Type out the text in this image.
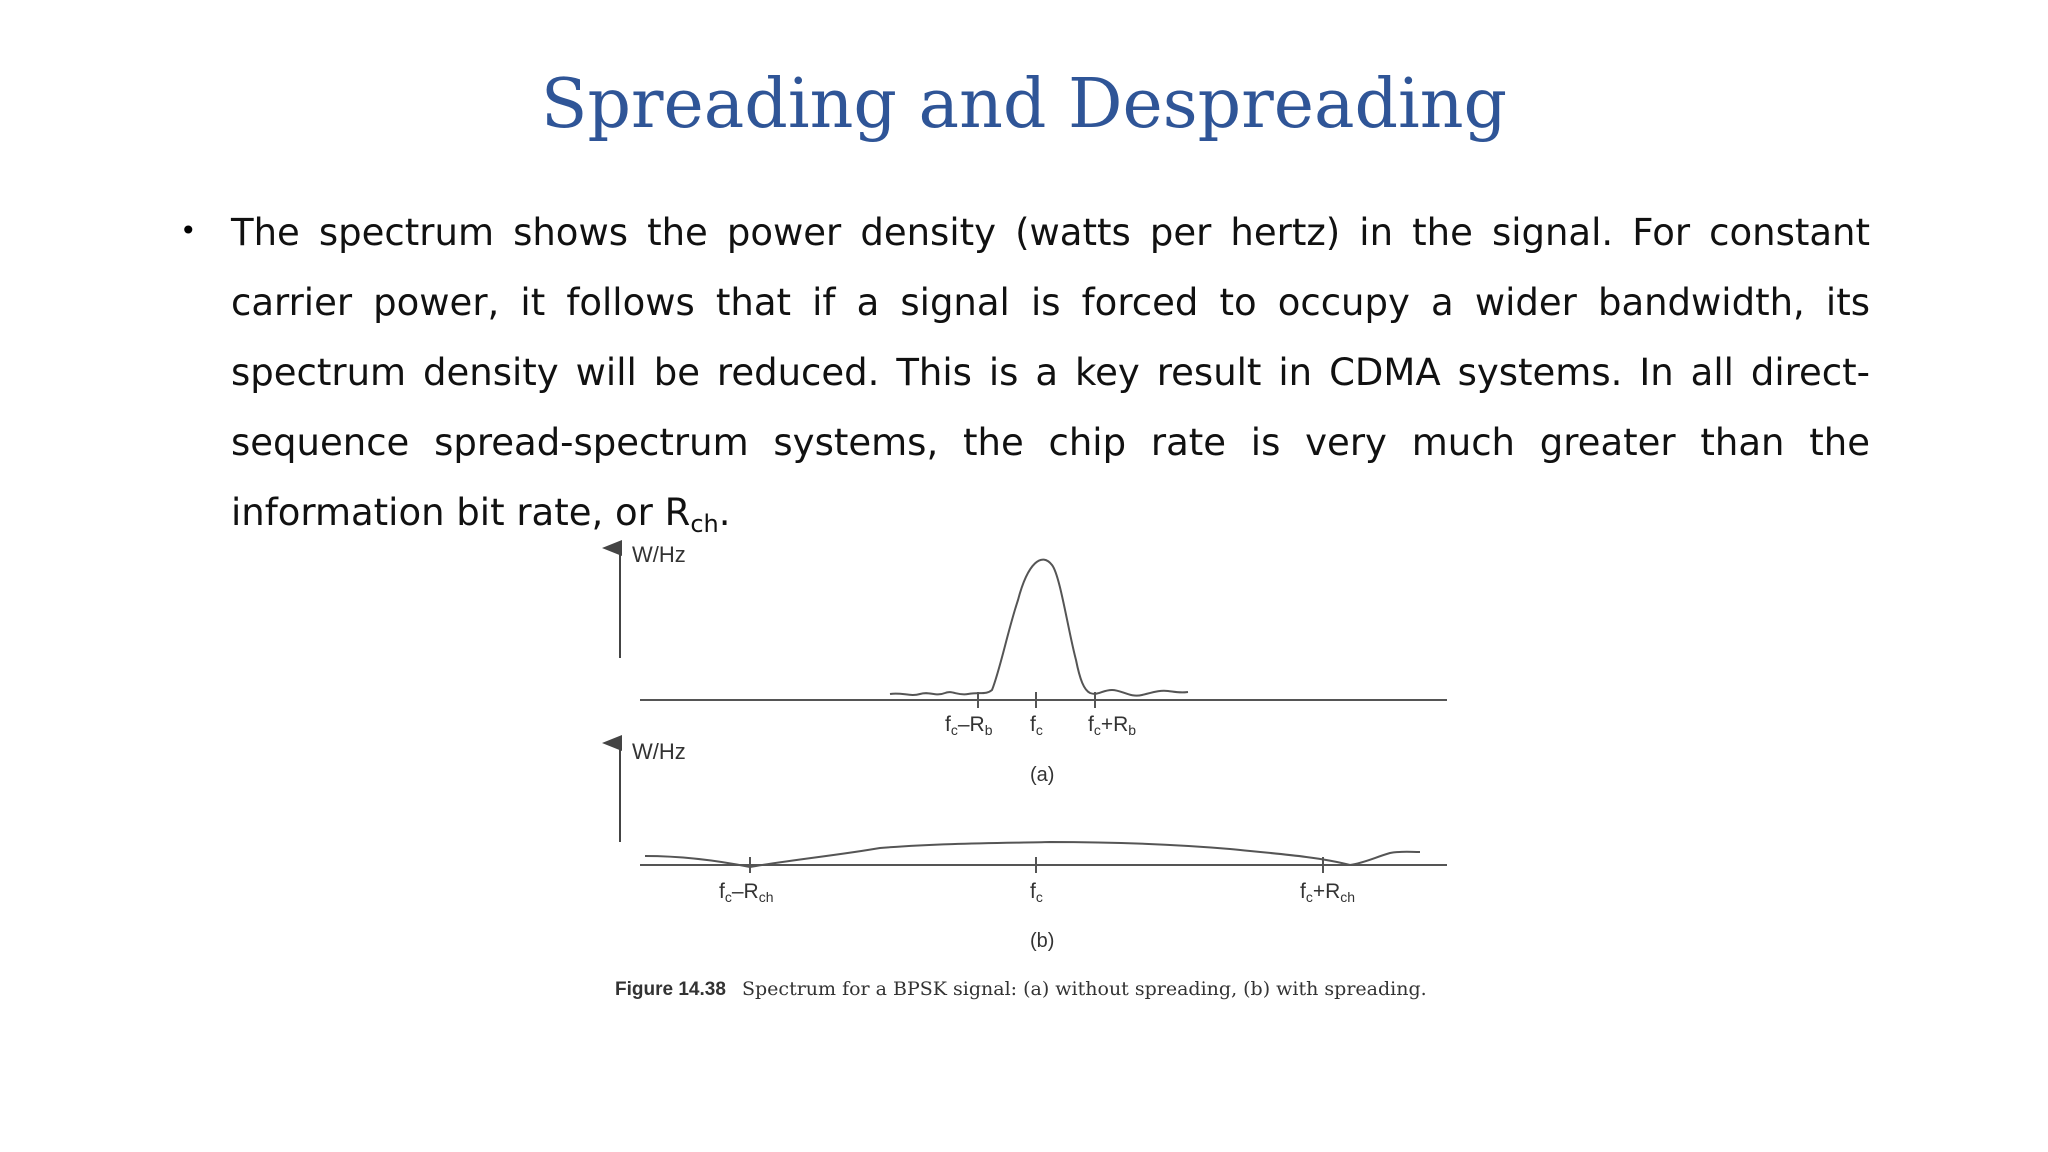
Spreading and Despreading
• The spectrum shows the power density (watts per hertz) in the signal. For constant carrier power, it follows that if a signal is forced to occupy a wider bandwidth, its spectrum density will be reduced. This is a key result in CDMA systems. In all direct-sequence spread-spectrum systems, the chip rate is very much greater than the information bit rate, or $R_{ch}$.
W/Hz
fc–Rb fc fc+Rb
(a)
W/Hz
fc–Rch	fc	fc+Rch
(b)
Figure 14.38 Spectrum for a BPSK signal: (a) without spreading, (b) with spreading.
